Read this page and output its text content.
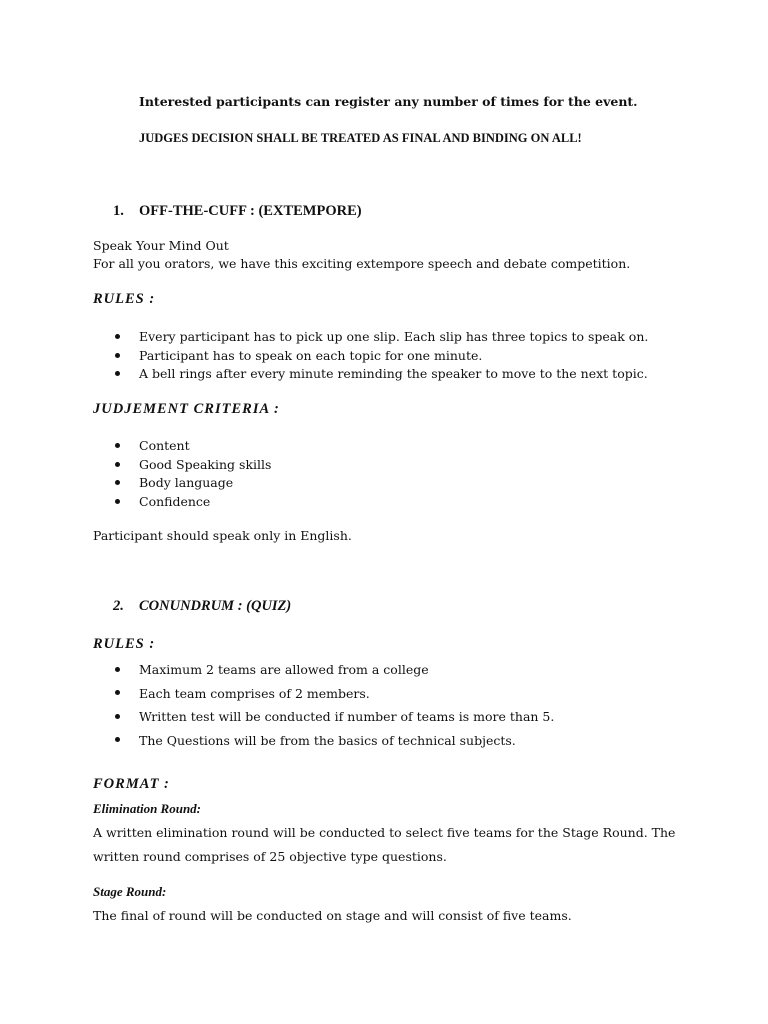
Interested participants can register any number of times for the event.
JUDGES DECISION SHALL BE TREATED AS FINAL AND BINDING ON ALL!
1. OFF-THE-CUFF : (EXTEMPORE)
Speak Your Mind Out
For all you orators, we have this exciting extempore speech and debate competition.
RULES :
Every participant has to pick up one slip. Each slip has three topics to speak on.
Participant has to speak on each topic for one minute.
A bell rings after every minute reminding the speaker to move to the next topic.
JUDJEMENT CRITERIA :
Content
Good Speaking skills
Body language
Confidence
Participant should speak only in English.
2. CONUNDRUM : (QUIZ)
RULES :
Maximum 2 teams are allowed from a college
Each team comprises of 2 members.
Written test will be conducted if number of teams is more than 5.
The Questions will be from the basics of technical subjects.
FORMAT :
Elimination Round:
A written elimination round will be conducted to select five teams for the Stage Round. The
written round comprises of 25 objective type questions.
Stage Round:
The final of round will be conducted on stage and will consist of five teams.
